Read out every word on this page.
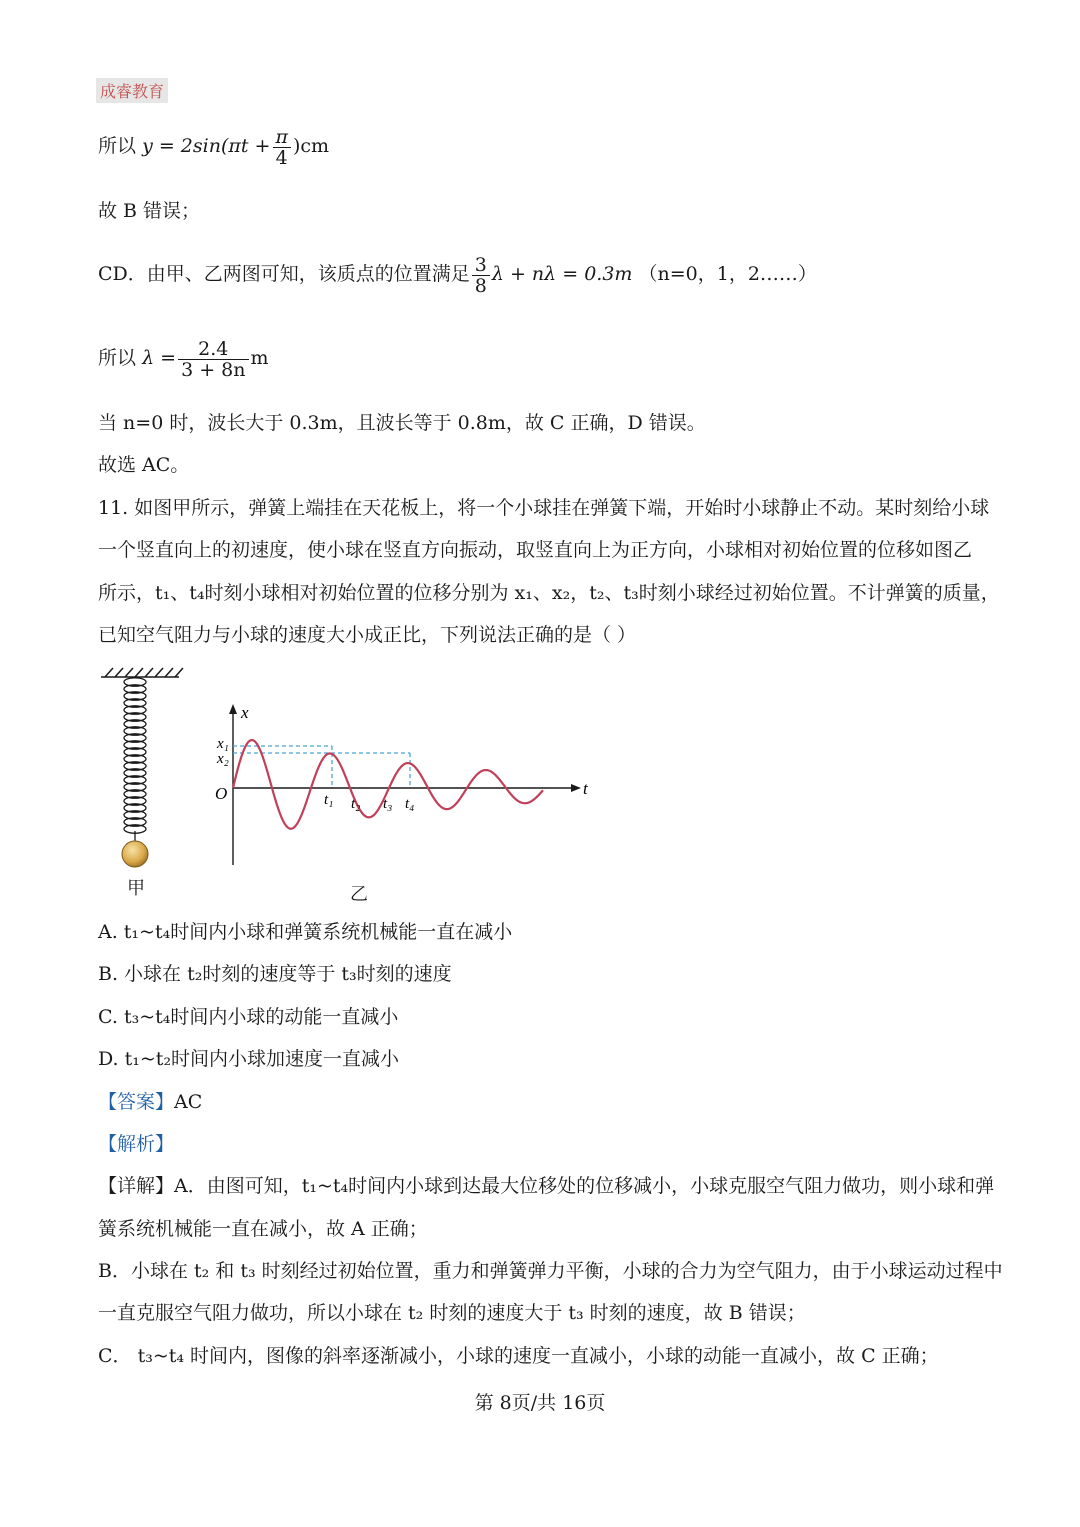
成睿教育
所以 $y = 2\sin(\pi t + \frac{\pi}{4} )cm$
故 B 错误；
CD．由甲、乙两图可知，该质点的位置满足 $\frac{3}{8}$ λ + nλ = 0.3m （n=0，1，2……）
所以 $\lambda = \frac{2.4}{3 + 8n}$ m
当 n=0 时，波长大于 0.3m，且波长等于 0.8m，故 C 正确，D 错误。
故选 AC。
11. 如图甲所示，弹簧上端挂在天花板上，将一个小球挂在弹簧下端，开始时小球静止不动。某时刻给小球
一个竖直向上的初速度，使小球在竖直方向振动，取竖直向上为正方向，小球相对初始位置的位移如图乙
所示，t₁、t₄时刻小球相对初始位置的位移分别为 x₁、x₂，t₂、t₃时刻小球经过初始位置。不计弹簧的质量，
已知空气阻力与小球的速度大小成正比，下列说法正确的是（ ）
甲
x
t
O
x₁
x₂
t₁ t₂ t₃ t₄
乙
A. t₁~t₄时间内小球和弹簧系统机械能一直在减小
B. 小球在 t₂时刻的速度等于 t₃时刻的速度
C. t₃~t₄时间内小球的动能一直减小
D. t₁~t₂时间内小球加速度一直减小
【答案】AC
【解析】
【详解】A．由图可知，t₁~t₄时间内小球到达最大位移处的位移减小，小球克服空气阻力做功，则小球和弹
簧系统机械能一直在减小，故 A 正确；
B．小球在 t₂ 和 t₃ 时刻经过初始位置，重力和弹簧弹力平衡，小球的合力为空气阻力，由于小球运动过程中
一直克服空气阻力做功，所以小球在 t₂ 时刻的速度大于 t₃ 时刻的速度，故 B 错误；
C． t₃~t₄ 时间内，图像的斜率逐渐减小，小球的速度一直减小，小球的动能一直减小，故 C 正确；
第 8页/共 16页
